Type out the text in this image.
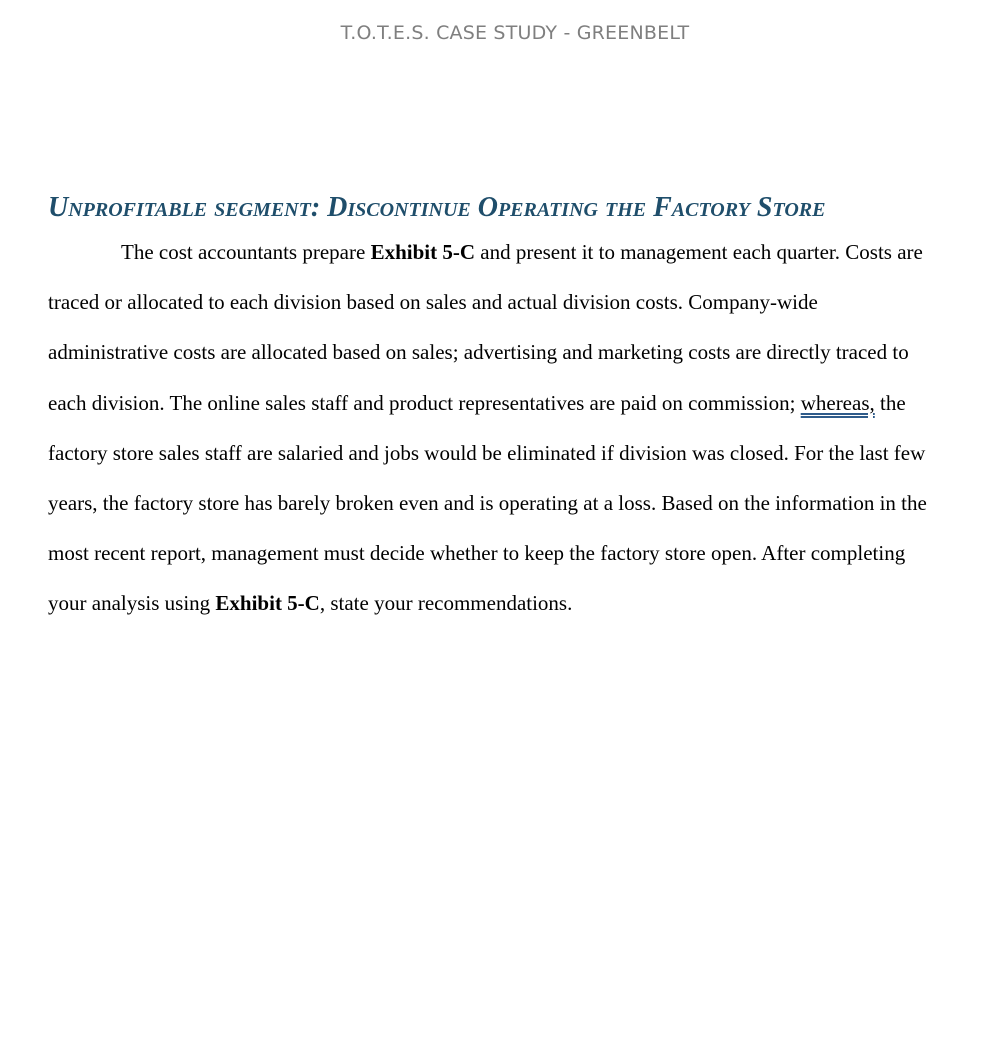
T.O.T.E.S. CASE STUDY - GREENBELT
Unprofitable segment: Discontinue Operating the Factory Store

The cost accountants prepare Exhibit 5-C and present it to management each quarter. Costs are traced or allocated to each division based on sales and actual division costs. Company-wide administrative costs are allocated based on sales; advertising and marketing costs are directly traced to each division. The online sales staff and product representatives are paid on commission; whereas, the factory store sales staff are salaried and jobs would be eliminated if division was closed. For the last few years, the factory store has barely broken even and is operating at a loss. Based on the information in the most recent report, management must decide whether to keep the factory store open. After completing your analysis using Exhibit 5-C, state your recommendations.
